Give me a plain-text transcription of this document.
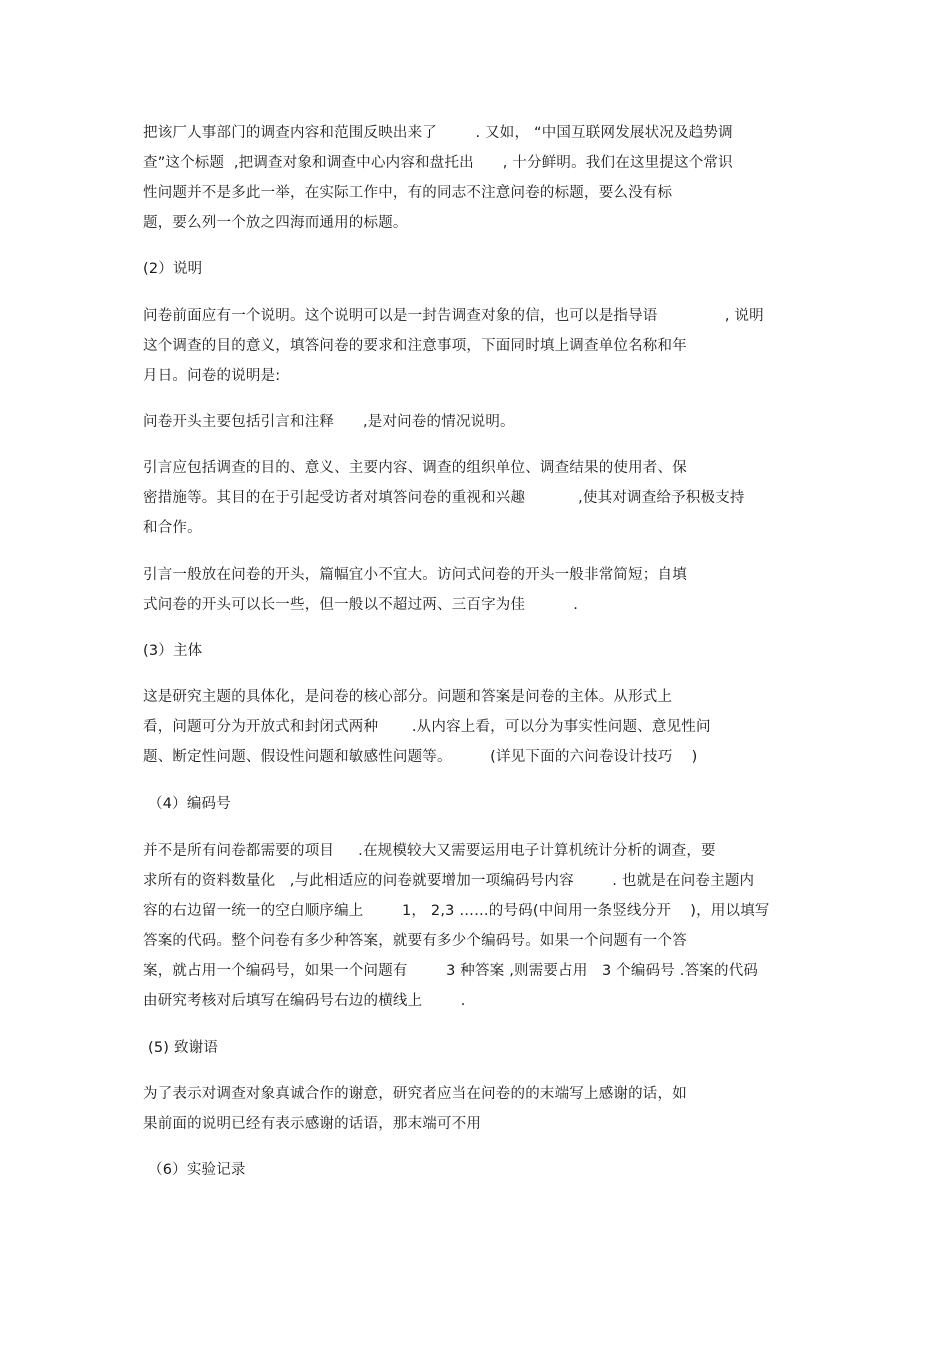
把该厂人事部门的调查内容和范围反映出来了        . 又如， “中国互联网发展状况及趋势调
查”这个标题  ,把调查对象和调查中心内容和盘托出      , 十分鲜明。我们在这里提这个常识
性问题并不是多此一举，在实际工作中，有的同志不注意问卷的标题，要么没有标
题，要么列一个放之四海而通用的标题。
(2）说明
问卷前面应有一个说明。这个说明可以是一封告调查对象的信，也可以是指导语              , 说明
这个调查的目的意义，填答问卷的要求和注意事项，下面同时填上调查单位名称和年
月日。问卷的说明是:
问卷开头主要包括引言和注释      ,是对问卷的情况说明。
引言应包括调查的目的、意义、主要内容、调查的组织单位、调查结果的使用者、保
密措施等。其目的在于引起受访者对填答问卷的重视和兴趣           ,使其对调查给予积极支持
和合作。
引言一般放在问卷的开头，篇幅宜小不宜大。访问式问卷的开头一般非常简短；自填
式问卷的开头可以长一些，但一般以不超过两、三百字为佳          .
(3）主体
这是研究主题的具体化，是问卷的核心部分。问题和答案是问卷的主体。从形式上
看，问题可分为开放式和封闭式两种       .从内容上看，可以分为事实性问题、意见性问
题、断定性问题、假设性问题和敏感性问题等。        (详见下面的六问卷设计技巧    )
（4）编码号
并不是所有问卷都需要的项目     .在规模较大又需要运用电子计算机统计分析的调查，要
求所有的资料数量化   ,与此相适应的问卷就要增加一项编码号内容        . 也就是在问卷主题内
容的右边留一统一的空白顺序编上        1， 2,3 ……的号码(中间用一条竖线分开    )，用以填写
答案的代码。整个问卷有多少种答案，就要有多少个编码号。如果一个问题有一个答
案，就占用一个编码号，如果一个问题有        3 种答案 ,则需要占用   3 个编码号 .答案的代码
由研究考核对后填写在编码号右边的横线上        .
(5) 致谢语
为了表示对调查对象真诚合作的谢意，研究者应当在问卷的的末端写上感谢的话，如
果前面的说明已经有表示感谢的话语，那末端可不用
（6）实验记录
